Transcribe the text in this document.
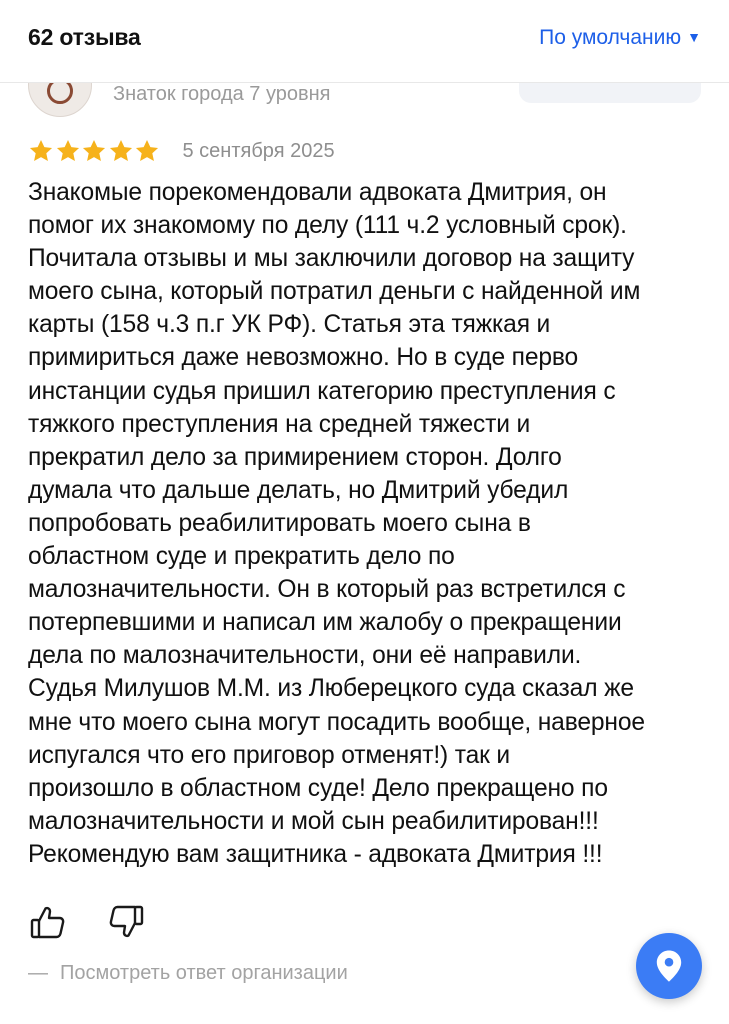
62 отзыва	По умолчанию ▼
Знаток города 7 уровня
5 сентября 2025
Знакомые порекомендовали адвоката Дмитрия, он
помог их знакомому по делу (111 ч.2 условный срок).
Почитала отзывы и мы заключили договор на защиту
моего сына, который потратил деньги с найденной им
карты (158 ч.3 п.г УК РФ). Статья эта тяжкая и
примириться даже невозможно. Но в суде перво
инстанции судья пришил категорию преступления с
тяжкого преступления на средней тяжести и
прекратил дело за примирением сторон. Долго
думала что дальше делать, но Дмитрий убедил
попробовать реабилитировать моего сына в
областном суде и прекратить дело по
малозначительности. Он в который раз встретился с
потерпевшими и написал им жалобу о прекращении
дела по малозначительности, они её направили.
Судья Милушов М.М. из Люберецкого суда сказал же
мне что моего сына могут посадить вообще, наверное
испугался что его приговор отменят!) так и
произошло в областном суде! Дело прекращено по
малозначительности и мой сын реабилитирован!!!
Рекомендую вам защитника - адвоката Дмитрия !!!
— Посмотреть ответ организации
